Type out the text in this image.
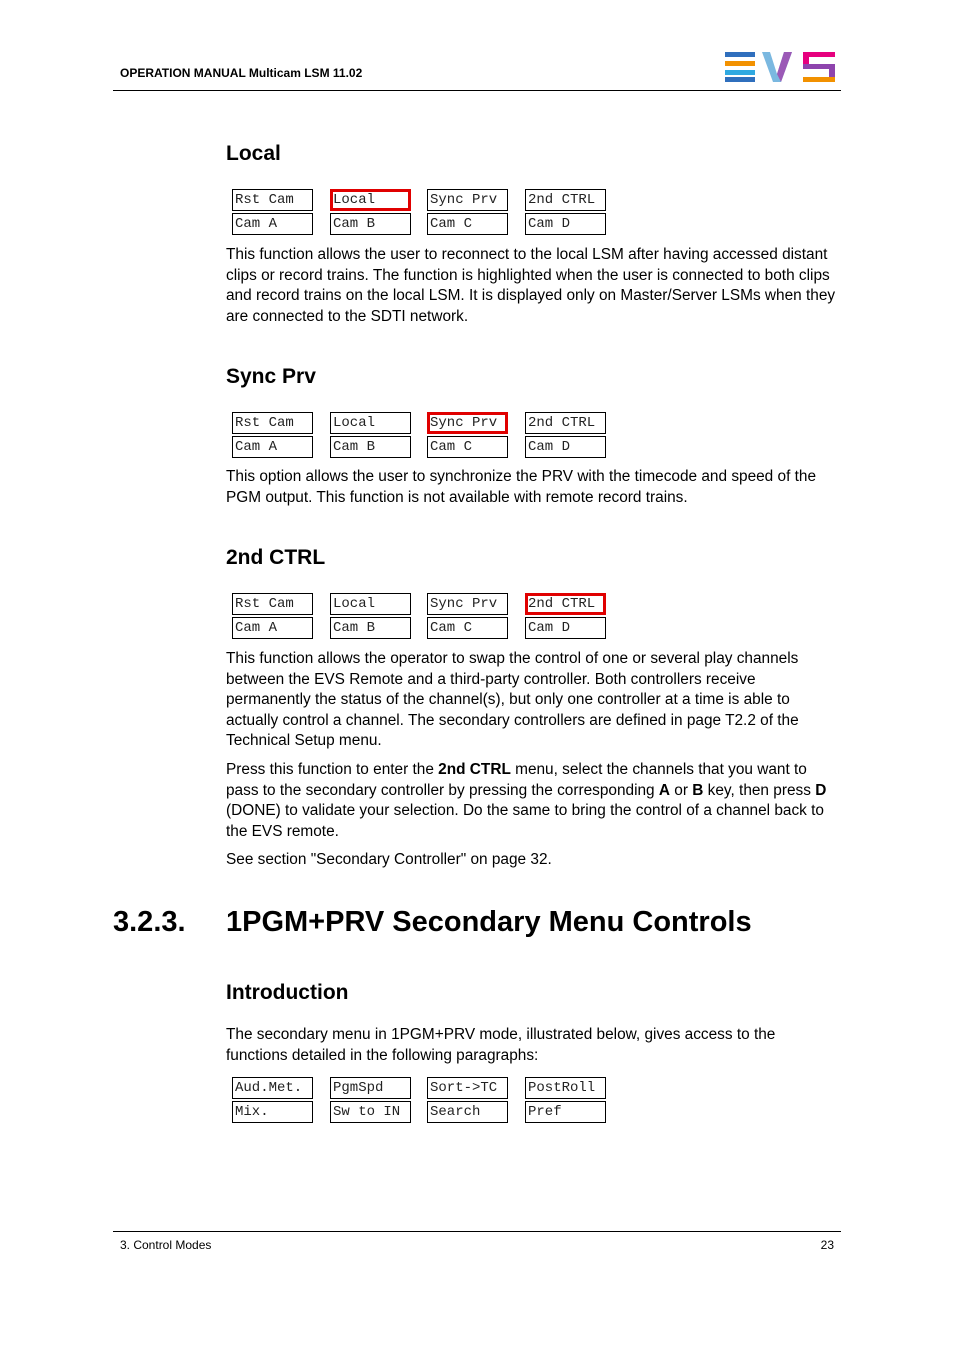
OPERATION MANUAL Multicam LSM 11.02
Local
Rst Cam
Cam A
Local
Cam B
Sync Prv
Cam C
2nd CTRL
Cam D
This function allows the user to reconnect to the local LSM after having accessed distant clips or record trains. The function is highlighted when the user is connected to both clips and record trains on the local LSM. It is displayed only on Master/Server LSMs when they are connected to the SDTI network.
Sync Prv
Rst Cam
Cam A
Local
Cam B
Sync Prv
Cam C
2nd CTRL
Cam D
This option allows the user to synchronize the PRV with the timecode and speed of the PGM output. This function is not available with remote record trains.
2nd CTRL
Rst Cam
Cam A
Local
Cam B
Sync Prv
Cam C
2nd CTRL
Cam D
This function allows the operator to swap the control of one or several play channels between the EVS Remote and a third-party controller. Both controllers receive permanently the status of the channel(s), but only one controller at a time is able to actually control a channel. The secondary controllers are defined in page T2.2 of the Technical Setup menu.
Press this function to enter the 2nd CTRL menu, select the channels that you want to pass to the secondary controller by pressing the corresponding A or B key, then press D (DONE) to validate your selection. Do the same to bring the control of a channel back to the EVS remote.
See section "Secondary Controller" on page 32.
3.2.3. 1PGM+PRV Secondary Menu Controls
Introduction
The secondary menu in 1PGM+PRV mode, illustrated below, gives access to the functions detailed in the following paragraphs:
Aud.Met.
Mix.
PgmSpd
Sw to IN
Sort->TC
Search
PostRoll
Pref
3. Control Modes	23
